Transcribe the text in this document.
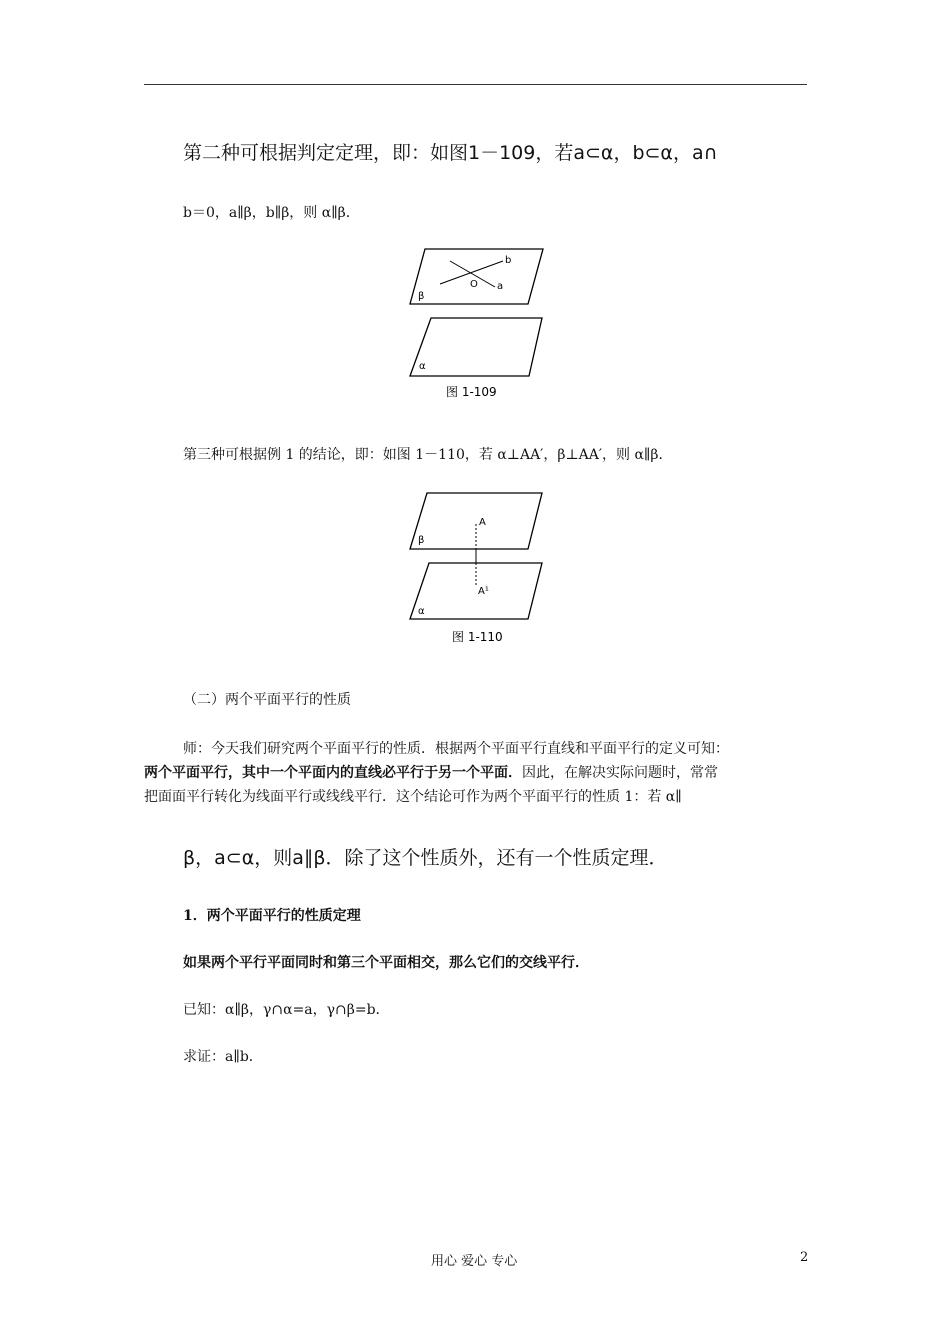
第二种可根据判定定理，即：如图1－109，若a⊂α，b⊂α，a∩
b＝0，a∥β，b∥β，则 α∥β．
b
O a
β
α
图 1-109
第三种可根据例 1 的结论，即：如图 1－110，若 α⊥AA′，β⊥AA′，则 α∥β．
β
A
A¹
α
图 1-110
（二）两个平面平行的性质
师：今天我们研究两个平面平行的性质．根据两个平面平行直线和平面平行的定义可知：
两个平面平行，其中一个平面内的直线必平行于另一个平面．因此，在解决实际问题时，常常
把面面平行转化为线面平行或线线平行．这个结论可作为两个平面平行的性质 1：若 α∥
β，a⊂α，则a∥β．除了这个性质外，还有一个性质定理．
1．两个平面平行的性质定理
如果两个平行平面同时和第三个平面相交，那么它们的交线平行．
已知：α∥β，γ∩α=a，γ∩β=b．
求证：a∥b．
用心 爱心 专心	2
